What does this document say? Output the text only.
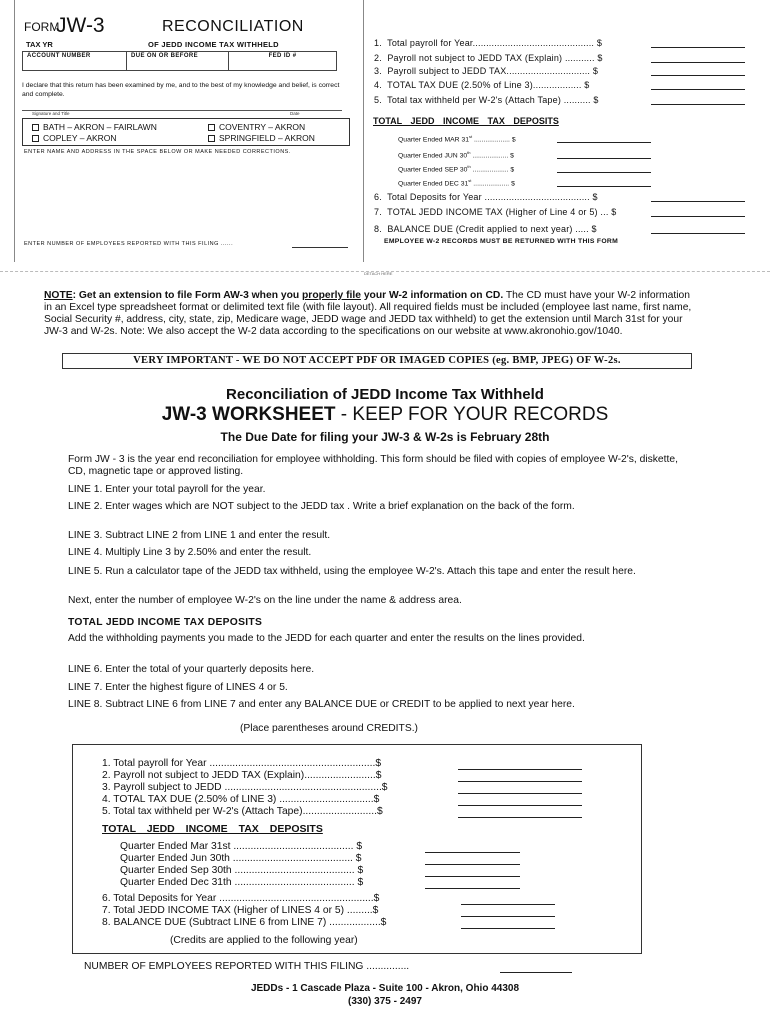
FORM
JW-3	RECONCILIATION
TAX YR	OF JEDD INCOME TAX WITHHELD
ACCOUNT NUMBER	DUE ON OR BEFORE	FED ID #
I declare that this return has been examined by me, and to the best of my knowledge and belief, is correct and complete.
Signature and Title	Date
BATH – AKRON – FAIRLAWN	COVENTRY – AKRON
COPLEY – AKRON	SPRINGFIELD – AKRON
ENTER NAME AND ADDRESS IN THE SPACE BELOW OR MAKE NEEDED CORRECTIONS.
ENTER NUMBER OF EMPLOYEES REPORTED WITH THIS FILING ......
1. Total payroll for Year............................................. $
2. Payroll not subject to JEDD TAX (Explain) ........... $
3. Payroll subject to JEDD TAX............................... $
4. TOTAL TAX DUE (2.50% of Line 3).................. $
5. Total tax withheld per W-2's (Attach Tape) .......... $
TOTAL JEDD INCOME TAX DEPOSITS
Quarter Ended MAR 31st ................... $
Quarter Ended JUN 30th ................... $
Quarter Ended SEP 30th ................... $
Quarter Ended DEC 31st ................... $
6. Total Deposits for Year ....................................... $
7. TOTAL JEDD INCOME TAX (Higher of Line 4 or 5) ... $
8. BALANCE DUE (Credit applied to next year) ..... $
EMPLOYEE W-2 RECORDS MUST BE RETURNED WITH THIS FORM
DETACH HERE
NOTE: Get an extension to file Form AW-3 when you properly file your W-2 information on CD. The CD must have your W-2 information in an Excel type spreadsheet format or delimited text file (with file layout). All required fields must be included (employee last name, first name, Social Security #, address, city, state, zip, Medicare wage, JEDD wage and JEDD tax withheld) to get the extension until March 31st for your JW-3 and W-2s. Note: We also accept the W-2 data according to the specifications on our website at www.akronohio.gov/1040.
VERY IMPORTANT - WE DO NOT ACCEPT PDF OR IMAGED COPIES (eg. BMP, JPEG) OF W-2s.
Reconciliation of JEDD Income Tax Withheld
JW-3 WORKSHEET - KEEP FOR YOUR RECORDS
The Due Date for filing your JW-3 & W-2s is February 28th
Form JW - 3 is the year end reconciliation for employee withholding. This form should be filed with copies of employee W-2's, diskette, CD, magnetic tape or approved listing.
LINE 1. Enter your total payroll for the year.
LINE 2. Enter wages which are NOT subject to the JEDD tax . Write a brief explanation on the back of the form.
LINE 3. Subtract LINE 2 from LINE 1 and enter the result.
LINE 4. Multiply Line 3 by 2.50% and enter the result.
LINE 5. Run a calculator tape of the JEDD tax withheld, using the employee W-2's. Attach this tape and enter the result here.
Next, enter the number of employee W-2's on the line under the name & address area.
TOTAL JEDD INCOME TAX DEPOSITS
Add the withholding payments you made to the JEDD for each quarter and enter the results on the lines provided.
LINE 6. Enter the total of your quarterly deposits here.
LINE 7. Enter the highest figure of LINES 4 or 5.
LINE 8. Subtract LINE 6 from LINE 7 and enter any BALANCE DUE or CREDIT to be applied to next year here.
(Place parentheses around CREDITS.)
1. Total payroll for Year ..........................................................$
2. Payroll not subject to JEDD TAX (Explain).........................$
3. Payroll subject to JEDD .......................................................$
4. TOTAL TAX DUE (2.50% of LINE 3) .................................$
5. Total tax withheld per W-2's (Attach Tape)..........................$
TOTAL JEDD INCOME TAX DEPOSITS
Quarter Ended Mar 31st .......................................... $
Quarter Ended Jun 30th .......................................... $
Quarter Ended Sep 30th .......................................... $
Quarter Ended Dec 31th .......................................... $
6. Total Deposits for Year ......................................................$
7. Total JEDD INCOME TAX (Higher of LINES 4 or 5) .........$
8. BALANCE DUE (Subtract LINE 6 from LINE 7) ..................$
(Credits are applied to the following year)
NUMBER OF EMPLOYEES REPORTED WITH THIS FILING ...............
JEDDs - 1 Cascade Plaza - Suite 100 - Akron, Ohio 44308
(330) 375 - 2497
